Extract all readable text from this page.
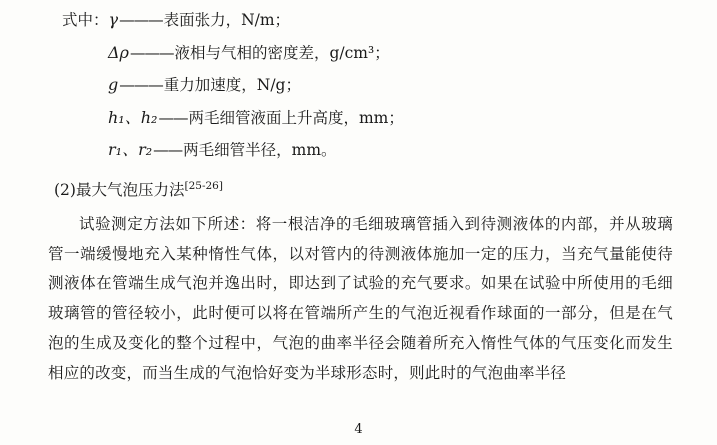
式中： γ ——— 表面张力，N/m；
Δρ ——— 液相与气相的密度差，g/cm³；
g ——— 重力加速度，N/g；
h₁、h₂ —— 两毛细管液面上升高度，mm；
r₁、r₂ —— 两毛细管半径，mm。
(2)最大气泡压力法[25-26]

试验测定方法如下所述：将一根洁净的毛细玻璃管插入到待测液体的内部，并从玻璃管一端缓慢地充入某种惰性气体，以对管内的待测液体施加一定的压力，当充气量能使待测液体在管端生成气泡并逸出时，即达到了试验的充气要求。如果在试验中所使用的毛细玻璃管的管径较小，此时便可以将在管端所产生的气泡近视看作球面的一部分，但是在气泡的生成及变化的整个过程中，气泡的曲率半径会随着所充入惰性气体的气压变化而发生相应的改变，而当生成的气泡恰好变为半球形态时，则此时的气泡曲率半径

4
